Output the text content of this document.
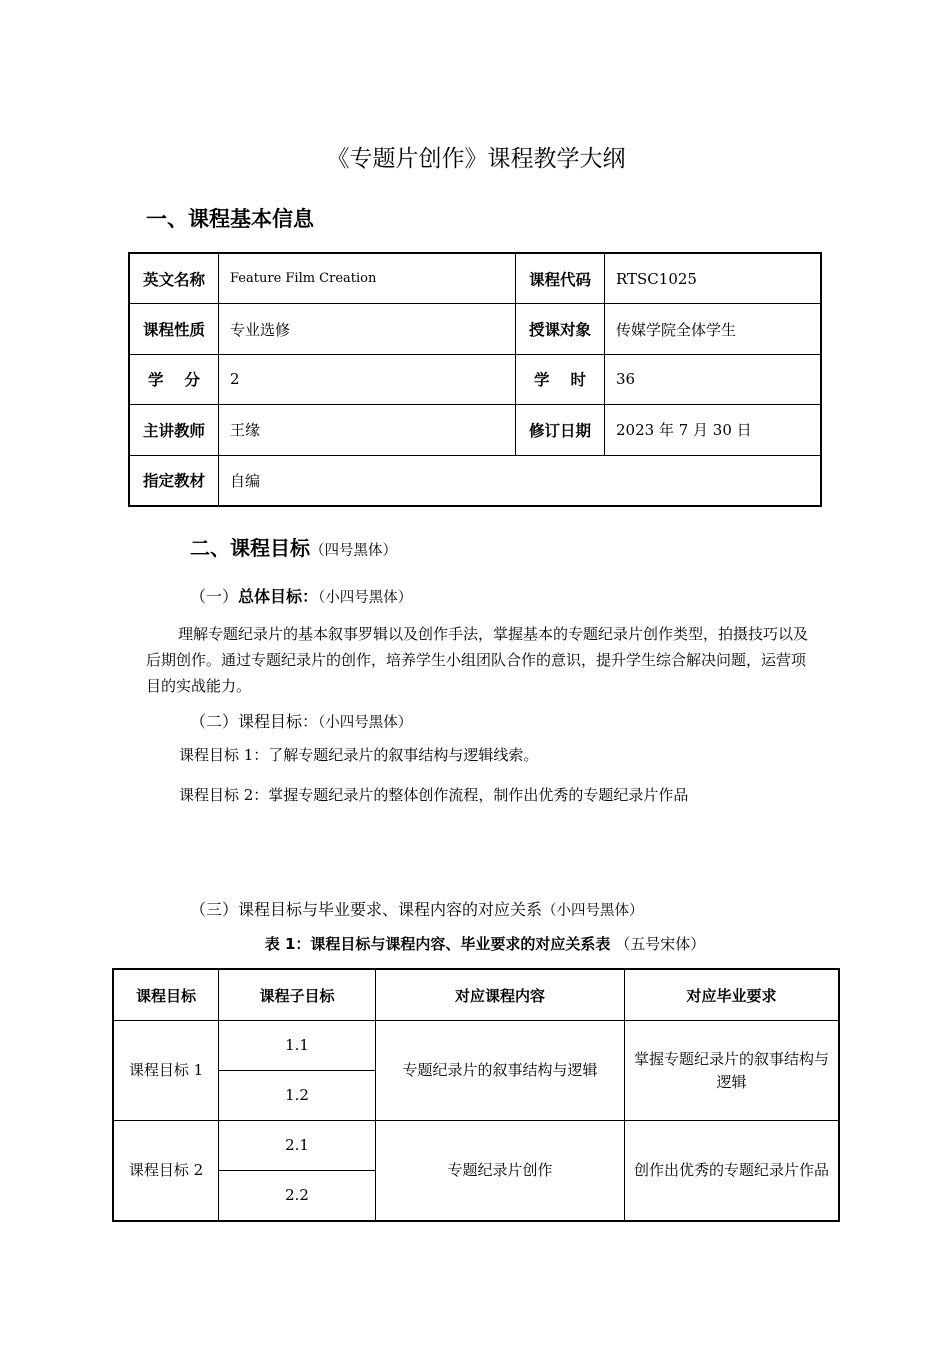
《专题片创作》课程教学大纲
一、课程基本信息
英文名称	Feature Film Creation	课程代码	RTSC1025
课程性质	专业选修	授课对象	传媒学院全体学生
学　 分	2	学　 时	36
主讲教师	王缘	修订日期	2023 年 7 月 30 日
指定教材	自编		
二、课程目标（四号黑体）
（一）总体目标：（小四号黑体）
理解专题纪录片的基本叙事罗辑以及创作手法，掌握基本的专题纪录片创作类型，拍摄技巧以及后期创作。通过专题纪录片的创作，培养学生小组团队合作的意识，提升学生综合解决问题，运营项目的实战能力。
（二）课程目标：（小四号黑体）
课程目标 1：了解专题纪录片的叙事结构与逻辑线索。
课程目标 2：掌握专题纪录片的整体创作流程，制作出优秀的专题纪录片作品
（三）课程目标与毕业要求、课程内容的对应关系（小四号黑体）
表 1：课程目标与课程内容、毕业要求的对应关系表 （五号宋体）
课程目标	课程子目标	对应课程内容	对应毕业要求
课程目标 1	1.1	专题纪录片的叙事结构与逻辑	掌握专题纪录片的叙事结构与逻辑
	1.2		
课程目标 2	2.1	专题纪录片创作	创作出优秀的专题纪录片作品
	2.2		
